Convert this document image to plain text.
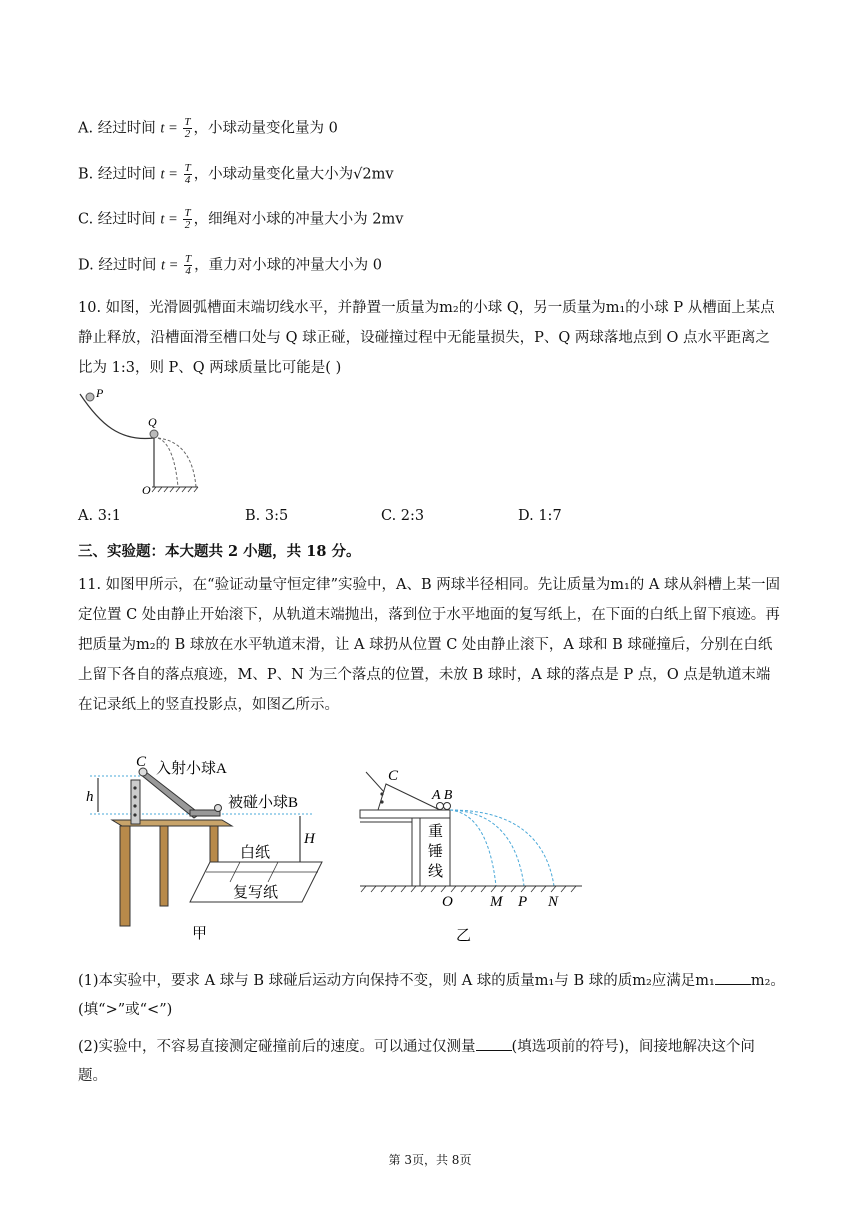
A. 经过时间 $t = \frac{T}{2}$ ，小球动量变化量为 0
B. 经过时间 $t = \frac{T}{4}$ ，小球动量变化量大小为√2mv
C. 经过时间 $t = \frac{T}{2}$ ，细绳对小球的冲量大小为 2mv
D. 经过时间 $t = \frac{T}{4}$ ，重力对小球的冲量大小为 0
10. 如图，光滑圆弧槽面末端切线水平，并静置一质量为m₂的小球 Q，另一质量为m₁的小球 P 从槽面上某点静止释放，沿槽面滑至槽口处与 Q 球正碰，设碰撞过程中无能量损失，P、Q 两球落地点到 O 点水平距离之比为 1:3，则 P、Q 两球质量比可能是( )
P
Q
O
A. 3:1	B. 3:5	C. 2:3	D. 1:7
三、实验题：本大题共 2 小题，共 18 分。
11. 如图甲所示，在“验证动量守恒定律”实验中，A、B 两球半径相同。先让质量为m₁的 A 球从斜槽上某一固定位置 C 处由静止开始滚下，从轨道末端抛出，落到位于水平地面的复写纸上，在下面的白纸上留下痕迹。再把质量为m₂的 B 球放在水平轨道末滑，让 A 球扔从位置 C 处由静止滚下，A 球和 B 球碰撞后，分别在白纸上留下各自的落点痕迹，M、P、N 为三个落点的位置，未放 B 球时，A 球的落点是 P 点，O 点是轨道末端在记录纸上的竖直投影点，如图乙所示。
h
C 入射小球A
被碰小球B
H
白纸
复写纸
甲
C
A B
重
锤
线
O M P N
乙
(1)本实验中，要求 A 球与 B 球碰后运动方向保持不变，则 A 球的质量m₁与 B 球的质m₂应满足m₁ m₂。
(填“>”或“<”)
(2)实验中，不容易直接测定碰撞前后的速度。可以通过仅测量 (填选项前的符号)，间接地解决这个问
题。
第 3页，共 8页
